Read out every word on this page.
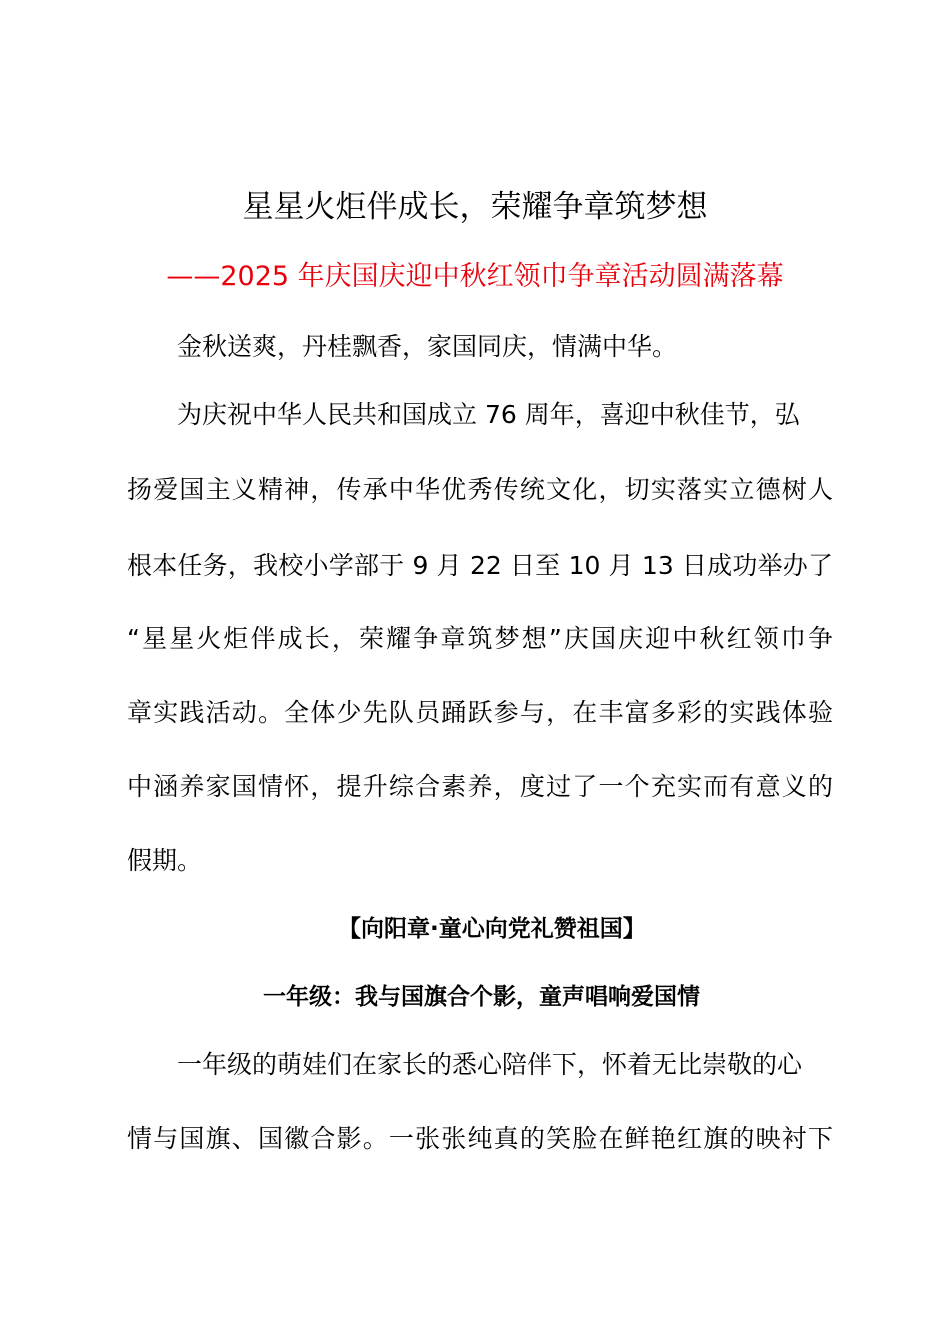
星星火炬伴成长，荣耀争章筑梦想
——2025 年庆国庆迎中秋红领巾争章活动圆满落幕
金秋送爽，丹桂飘香，家国同庆，情满中华。
为庆祝中华人民共和国成立 76 周年，喜迎中秋佳节，弘
扬爱国主义精神，传承中华优秀传统文化，切实落实立德树人
根本任务，我校小学部于 9 月 22 日至 10 月 13 日成功举办了
“星星火炬伴成长，荣耀争章筑梦想”庆国庆迎中秋红领巾争
章实践活动。全体少先队员踊跃参与，在丰富多彩的实践体验
中涵养家国情怀，提升综合素养，度过了一个充实而有意义的
假期。
【向阳章·童心向党礼赞祖国】
一年级：我与国旗合个影，童声唱响爱国情
一年级的萌娃们在家长的悉心陪伴下，怀着无比崇敬的心
情与国旗、国徽合影。一张张纯真的笑脸在鲜艳红旗的映衬下
